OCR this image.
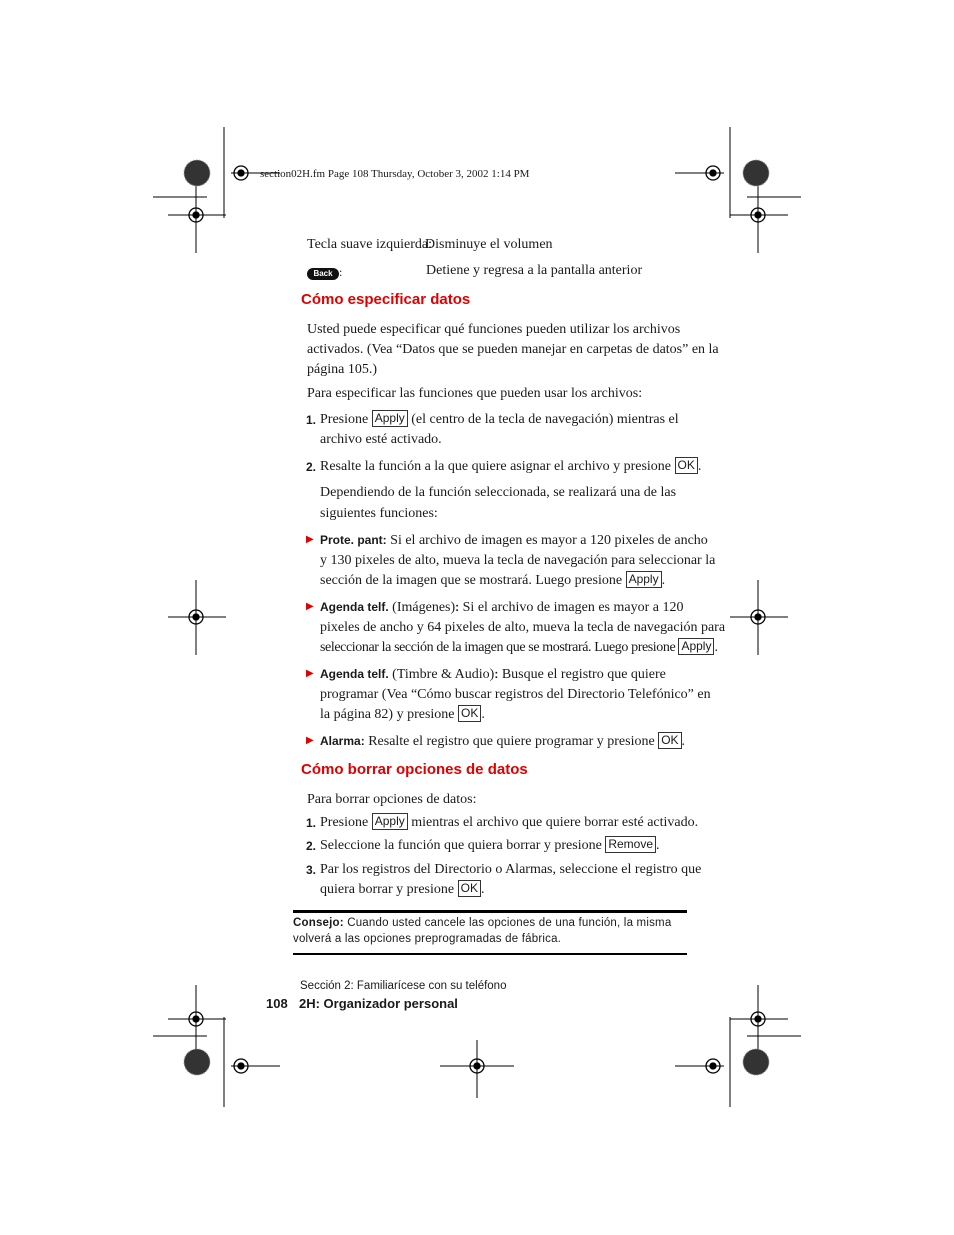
section02H.fm Page 108 Thursday, October 3, 2002 1:14 PM
Tecla suave izquierda:
Disminuye el volumen
Back :	Detiene y regresa a la pantalla anterior
Cómo especificar datos
Usted puede especificar qué funciones pueden utilizar los archivos
activados. (Vea “Datos que se pueden manejar en carpetas de datos” en la
página 105.)
Para especificar las funciones que pueden usar los archivos:
1. Presione Apply (el centro de la tecla de navegación) mientras el
archivo esté activado.
2. Resalte la función a la que quiere asignar el archivo y presione OK .
Dependiendo de la función seleccionada, se realizará una de las
siguientes funciones:
▶ Prote. pant: Si el archivo de imagen es mayor a 120 pixeles de ancho
y 130 pixeles de alto, mueva la tecla de navegación para seleccionar la
sección de la imagen que se mostrará. Luego presione Apply .
▶ Agenda telf. (Imágenes): Si el archivo de imagen es mayor a 120
pixeles de ancho y 64 pixeles de alto, mueva la tecla de navegación para
seleccionar la sección de la imagen que se mostrará. Luego presione Apply .
▶ Agenda telf. (Timbre & Audio): Busque el registro que quiere
programar (Vea “Cómo buscar registros del Directorio Telefónico” en
la página 82) y presione OK .
▶ Alarma: Resalte el registro que quiere programar y presione OK .
Cómo borrar opciones de datos
Para borrar opciones de datos:
1. Presione Apply mientras el archivo que quiere borrar esté activado.
2. Seleccione la función que quiera borrar y presione Remove .
3. Par los registros del Directorio o Alarmas, seleccione el registro que
quiera borrar y presione OK .
Consejo: Cuando usted cancele las opciones de una función, la misma
volverá a las opciones preprogramadas de fábrica.
Sección 2: Familiarícese con su teléfono
108 2H: Organizador personal
